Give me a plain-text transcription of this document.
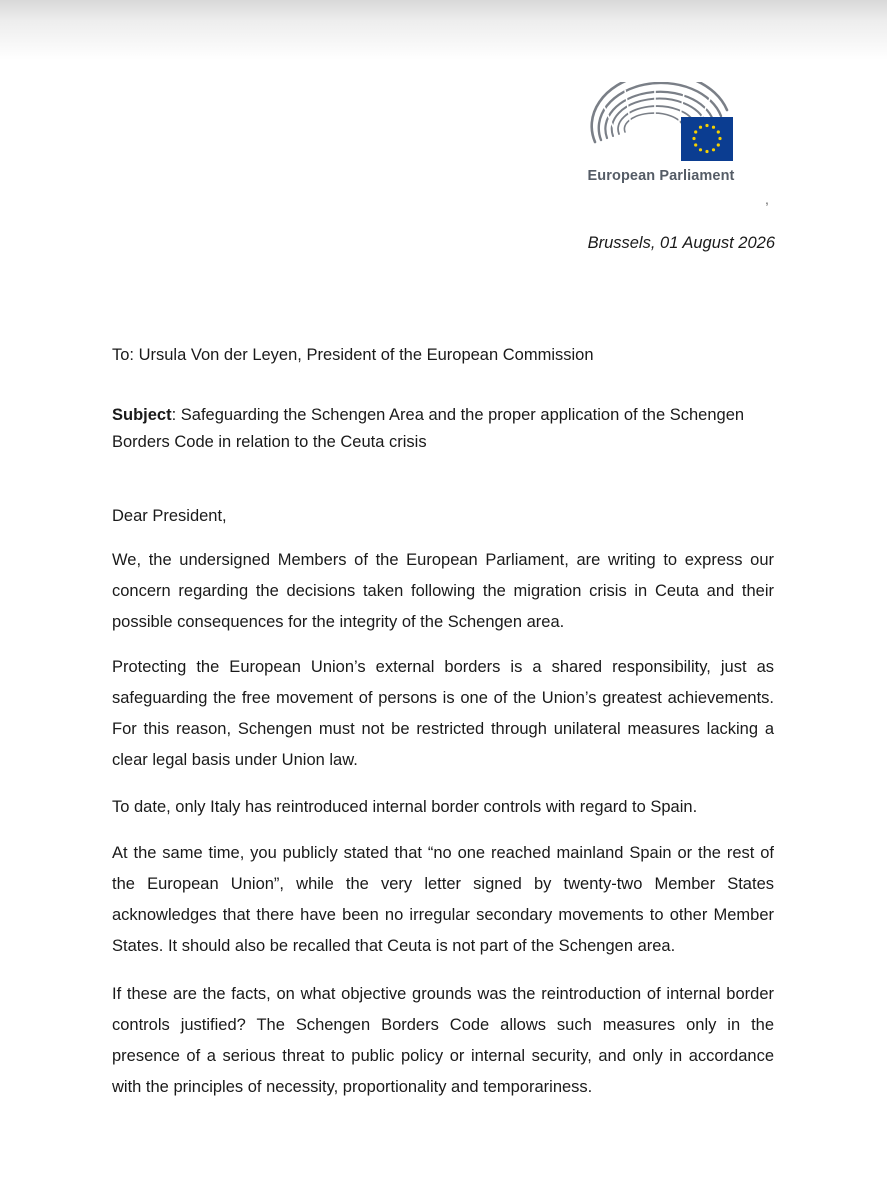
European Parliament
,
Brussels, 01 August 2026
To: Ursula Von der Leyen, President of the European Commission
Subject: Safeguarding the Schengen Area and the proper application of the Schengen Borders Code in relation to the Ceuta crisis
Dear President,
We, the undersigned Members of the European Parliament, are writing to express our concern regarding the decisions taken following the migration crisis in Ceuta and their possible consequences for the integrity of the Schengen area.
Protecting the European Union’s external borders is a shared responsibility, just as safeguarding the free movement of persons is one of the Union’s greatest achievements. For this reason, Schengen must not be restricted through unilateral measures lacking a clear legal basis under Union law.
To date, only Italy has reintroduced internal border controls with regard to Spain.
At the same time, you publicly stated that “no one reached mainland Spain or the rest of the European Union”, while the very letter signed by twenty-two Member States acknowledges that there have been no irregular secondary movements to other Member States. It should also be recalled that Ceuta is not part of the Schengen area.
If these are the facts, on what objective grounds was the reintroduction of internal border controls justified? The Schengen Borders Code allows such measures only in the presence of a serious threat to public policy or internal security, and only in accordance with the principles of necessity, proportionality and temporariness.
